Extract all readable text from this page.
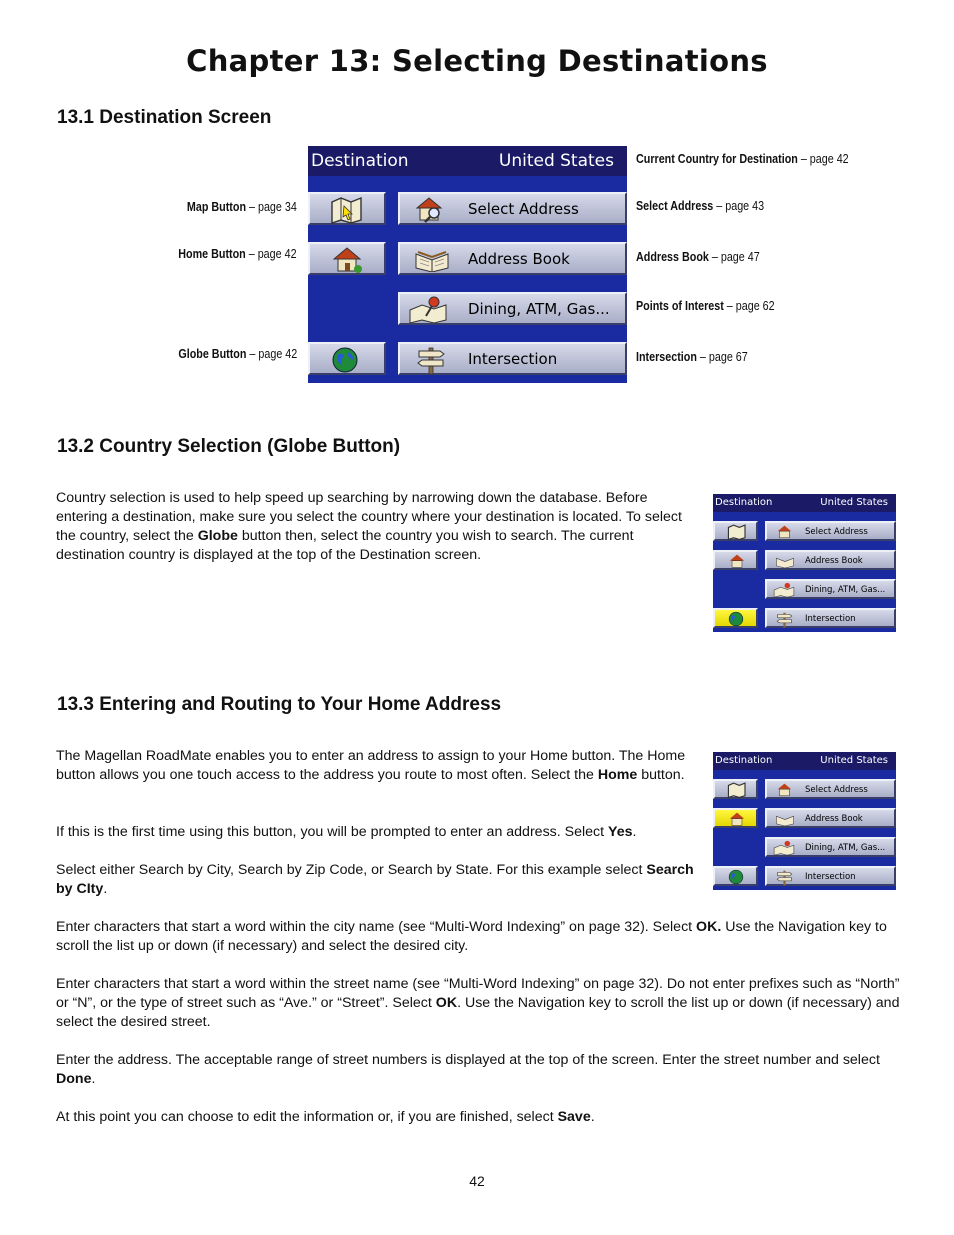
Chapter 13: Selecting Destinations
13.1 Destination Screen
Map Button – page 34
Home Button – page 42
Globe Button – page 42
Current Country for Destination – page 42
Select Address – page 43
Address Book – page 47
Points of Interest – page 62
Intersection – page 67
Destination	United States
Select Address
Address Book
Dining, ATM, Gas...
Intersection
13.2 Country Selection (Globe Button)
Country selection is used to help speed up searching by narrowing down the database. Before entering a destination, make sure you select the country where your destination is located. To select the country, select the Globe button then, select the country you wish to search. The current destination country is displayed at the top of the Destination screen.
Destination	United States
Select Address
Address Book
Dining, ATM, Gas...
Intersection
13.3 Entering and Routing to Your Home Address
The Magellan RoadMate enables you to enter an address to assign to your Home button. The Home button allows you one touch access to the address you route to most often. Select the Home button.
If this is the first time using this button, you will be prompted to enter an address. Select Yes.
Select either Search by City, Search by Zip Code, or Search by State. For this example select Search by CIty.
Enter characters that start a word within the city name (see “Multi-Word Indexing” on page 32). Select OK. Use the Navigation key to scroll the list up or down (if necessary) and select the desired city.
Enter characters that start a word within the street name (see “Multi-Word Indexing” on page 32). Do not enter prefixes such as “North” or “N”, or the type of street such as “Ave.” or “Street”. Select OK. Use the Navigation key to scroll the list up or down (if necessary) and select the desired street.
Enter the address. The acceptable range of street numbers is displayed at the top of the screen. Enter the street number and select Done.
At this point you can choose to edit the information or, if you are finished, select Save.
Destination	United States
Select Address
Address Book
Dining, ATM, Gas...
Intersection
42
